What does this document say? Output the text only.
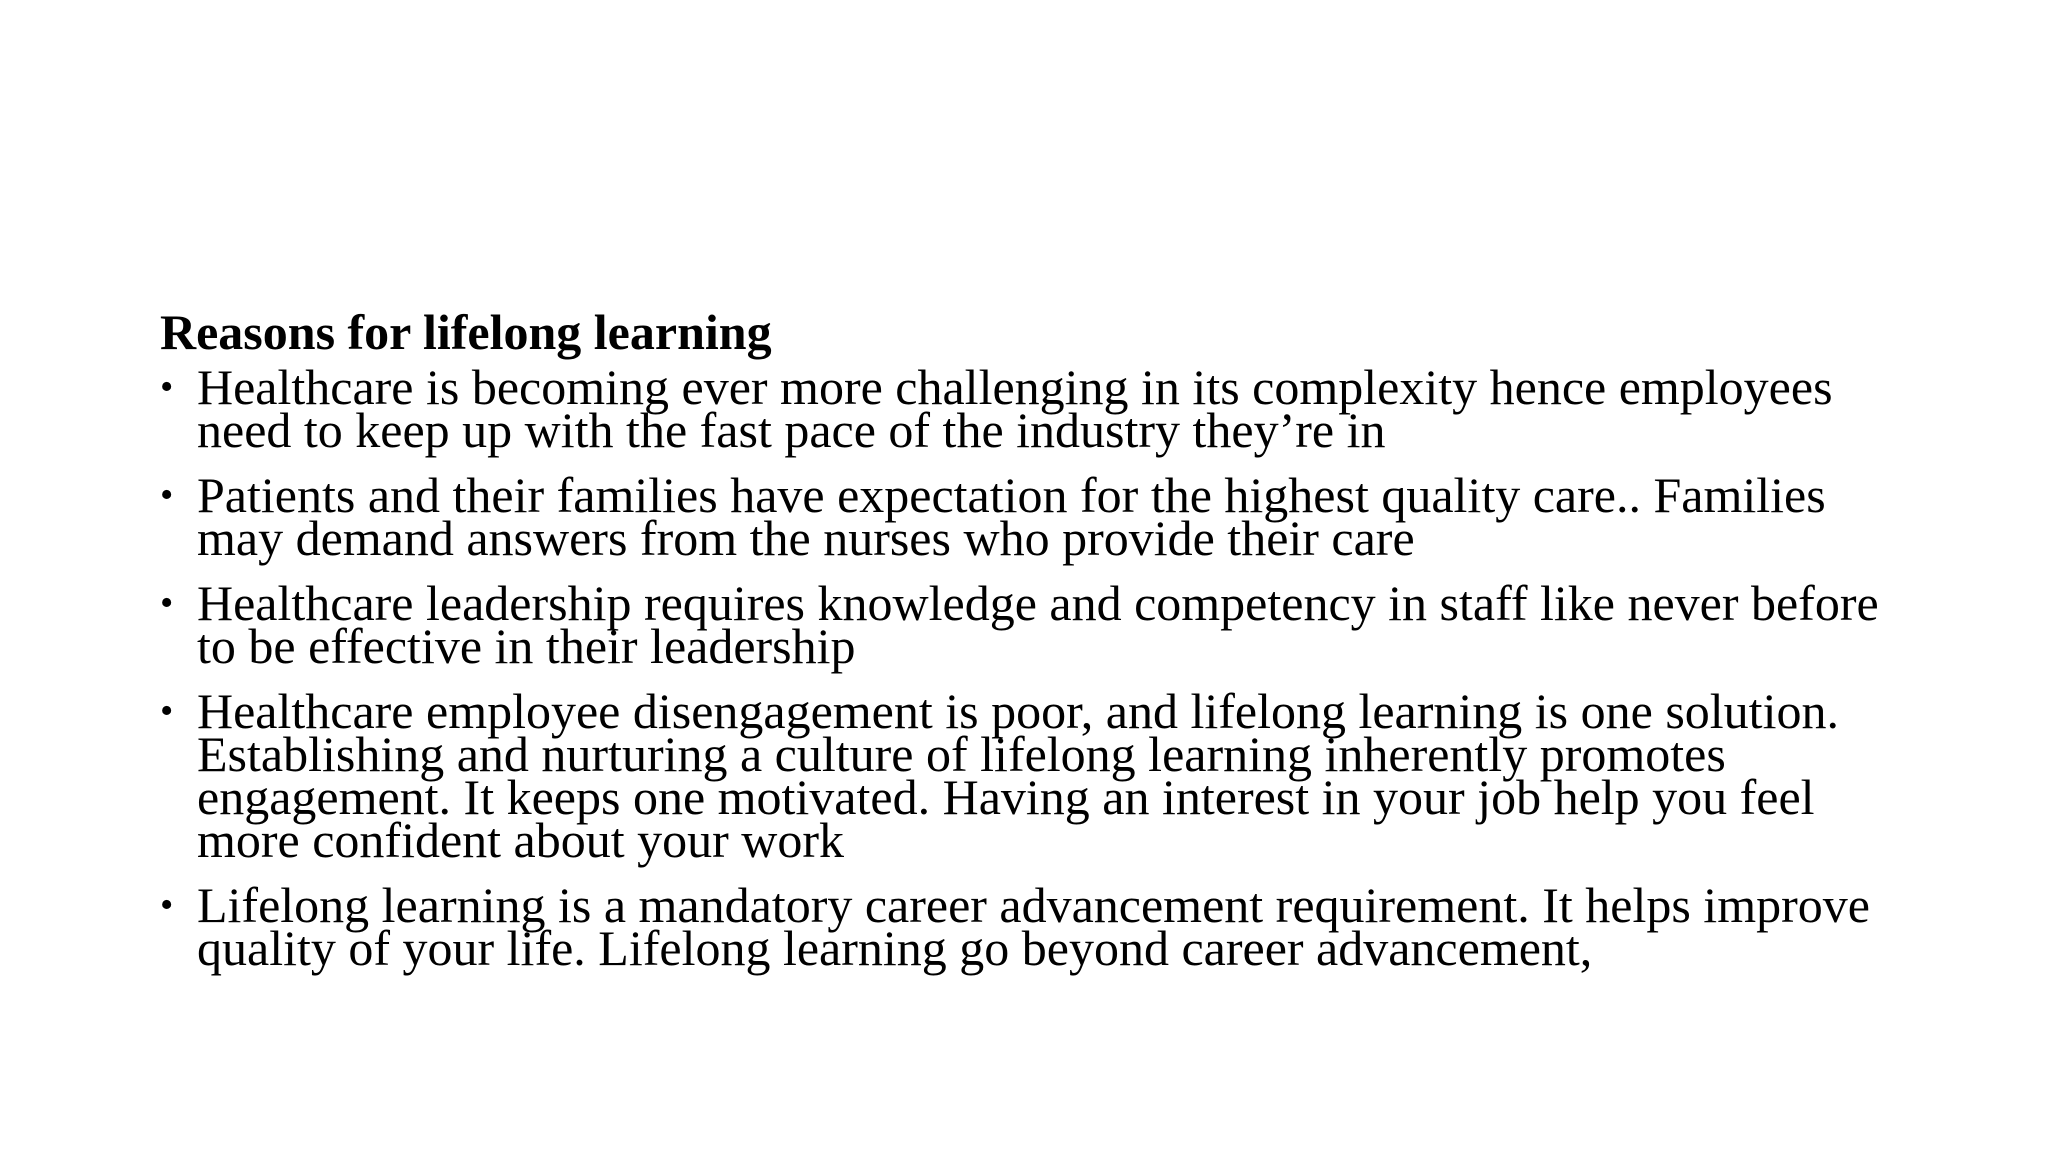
Reasons for lifelong learning
• Healthcare is becoming ever more challenging in its complexity hence employees need to keep up with the fast pace of the industry they’re in
• Patients and their families have expectation for the highest quality care.. Families may demand answers from the nurses who provide their care
• Healthcare leadership requires knowledge and competency in staff like never before to be effective in their leadership
• Healthcare employee disengagement is poor, and lifelong learning is one solution. Establishing and nurturing a culture of lifelong learning inherently promotes engagement. It keeps one motivated. Having an interest in your job help you feel more confident about your work
• Lifelong learning is a mandatory career advancement requirement. It helps improve quality of your life. Lifelong learning go beyond career advancement,
